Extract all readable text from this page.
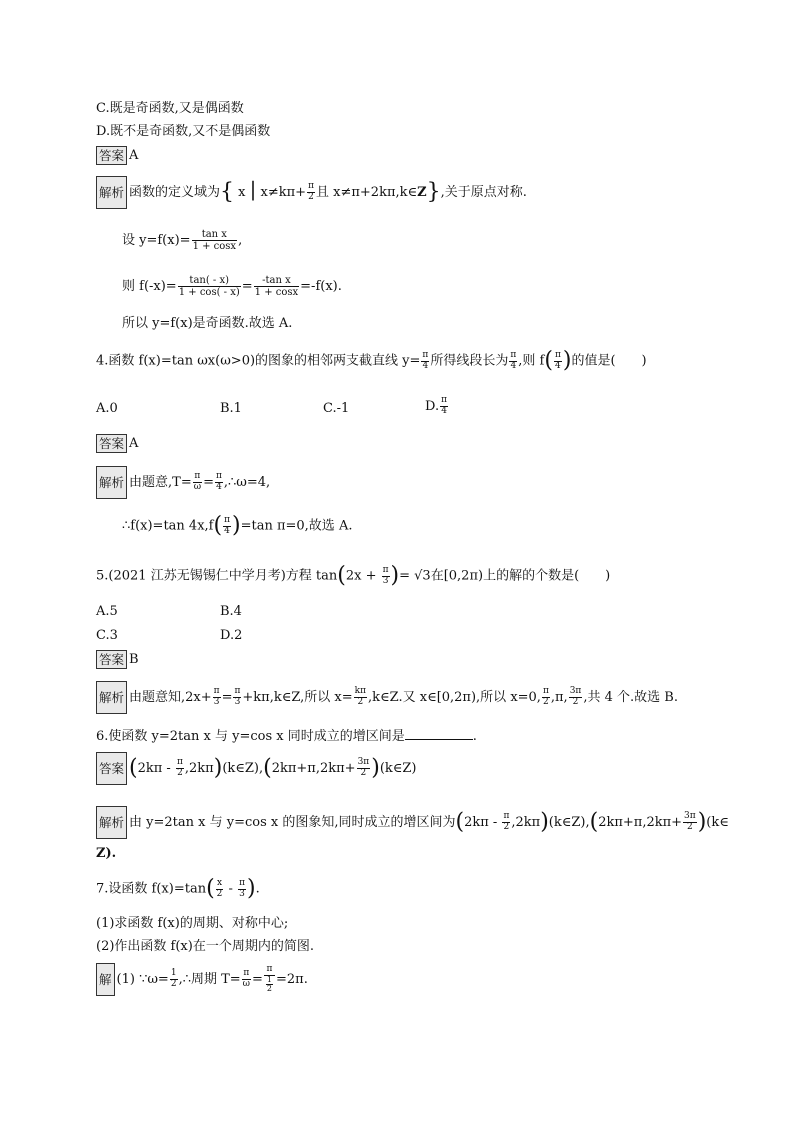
C.既是奇函数,又是偶函数
D.既不是奇函数,又不是偶函数
答案 A
解析 函数的定义域为{ x | $x\ne k\pi+ \frac{\pi}{2}$ 且 x≠π+2kπ,k∈Z},关于原点对称.
设 $y=f(x)= \frac{\text{tan x}}{1 + \cos x}$ ,
则 $f(-x)= \frac{\tan( - x)}{1 + \cos( - x)} = \frac{\text{-tan x}}{1 + \cos x} =-f(x)$.
所以 y=f(x)是奇函数.故选 A.
4.函数 f(x)=tan ωx(ω>0)的图象的相邻两支截直线 $y= \frac{\pi}{4}$ 所得线段长为 $\frac{\pi}{4}$ ,则 $f( \frac{\pi}{4}$ )的值是(　　)
A.0	B.1	C.-1	D. $\frac{\pi}{4}$
答案 A
解析 由题意$,T= \frac{\pi}{\omega} = \frac{\pi}{4}$ ,∴ω=4,
∴f(x)=tan $4x,f( \frac{\pi}{4} )=\tan$ π=0,故选 A.
5.(2021 江苏无锡锡仁中学月考)方程 $\tan(2x + \frac{\pi}{3}$ )= √3在[0,2π)上的解的个数是(　　)
A.5	B.4
C.3	D.2
答案 B
解析 由题意知$,2x+ \frac{\pi}{3} = \frac{\pi}{3}$ +kπ,k∈Z,所以 $x= \frac{k\pi}{2}$ ,k∈Z.又 x∈[0,2π),所以 x=0, $\frac{\pi}{2} ,\pi$, $\frac{3\pi}{2}$ ,共 4 个.故选 B.
6.使函数 y=2tan x 与 y=cos x 同时成立的增区间是	.
答案 ($2k\pi - \frac{\pi}{2}$ ,2kπ)(k∈Z),(2kπ+π,2kπ+ $\frac{3\pi}{2}$ )(k∈Z)
解析 由 y=2tan x 与 y=cos x 的图象知,同时成立的增区间为($2k\pi - \frac{\pi}{2}$ ,2kπ)(k∈Z),(2kπ+π,2kπ+ $\frac{3\pi}{2}$ )(k∈
Z).
7.设函数 $f(x)=\tan( \frac{x}{2} - \frac{\pi}{3}$ ).
(1)求函数 f(x)的周期、对称中心;
(2)作出函数 f(x)在一个周期内的简图.
解 (1) ∵ω= $\frac{1}{2}$ ,∴周期 $T= \frac{\pi}{\omega} = \frac{\pi}{\frac{1}{2}} =2\pi$.
